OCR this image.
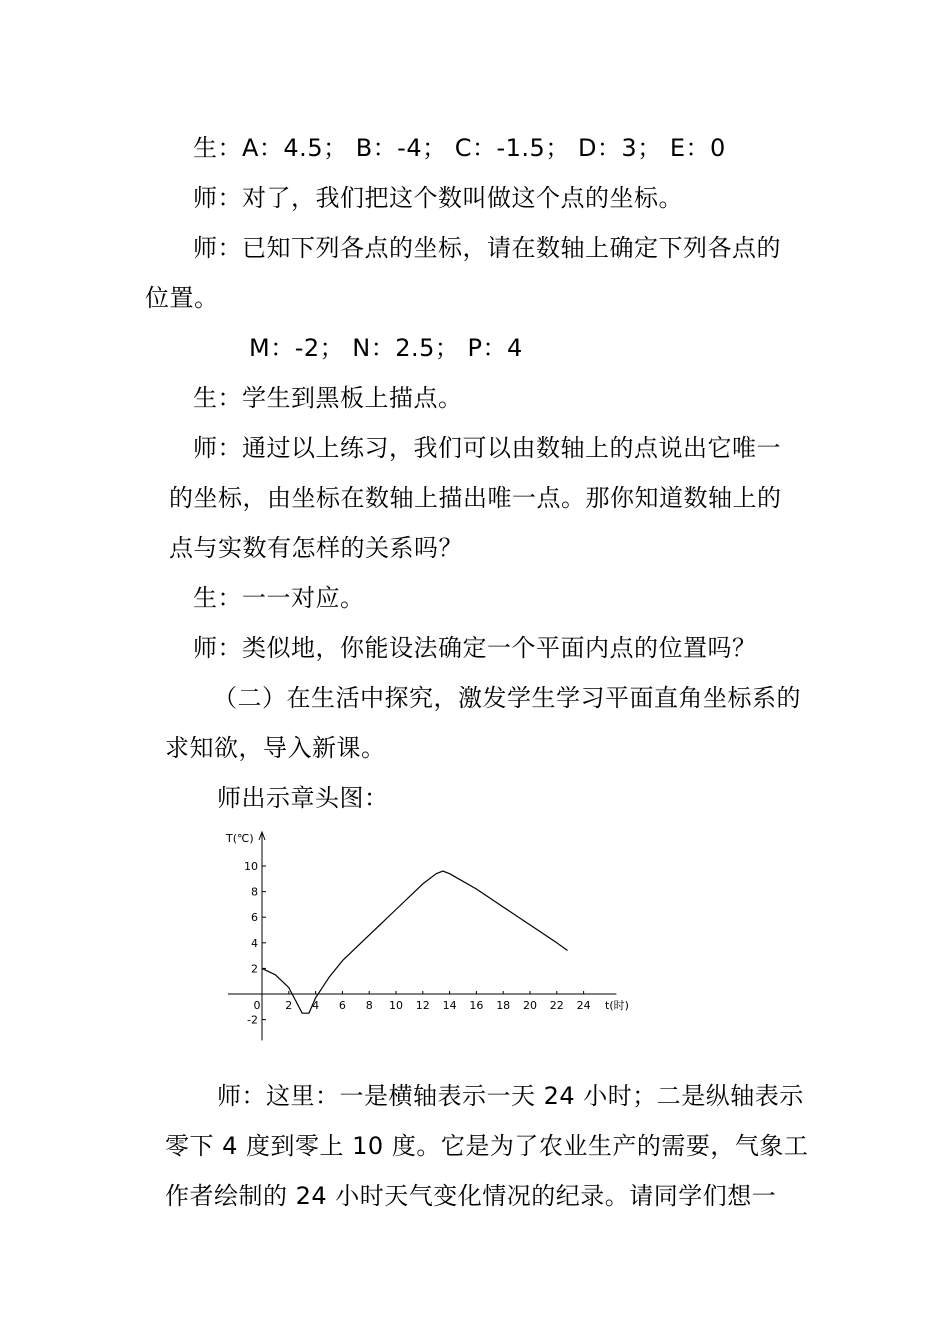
生：A：4.5； B：-4； C：-1.5； D：3； E：0
师：对了，我们把这个数叫做这个点的坐标。
师：已知下列各点的坐标，请在数轴上确定下列各点的
位置。
M：-2； N：2.5； P：4
生：学生到黑板上描点。
师：通过以上练习，我们可以由数轴上的点说出它唯一
的坐标，由坐标在数轴上描出唯一点。那你知道数轴上的
点与实数有怎样的关系吗？
生：一一对应。
师：类似地，你能设法确定一个平面内点的位置吗？
（二）在生活中探究，激发学生学习平面直角坐标系的
求知欲，导入新课。
师出示章头图：
0 2 4 6 8 10 12 14 16 18 20 22 24
10
8
6
4
2
-2
T(℃)
t(时)
师：这里：一是横轴表示一天 24 小时；二是纵轴表示
零下 4 度到零上 10 度。它是为了农业生产的需要，气象工
作者绘制的 24 小时天气变化情况的纪录。请同学们想一
